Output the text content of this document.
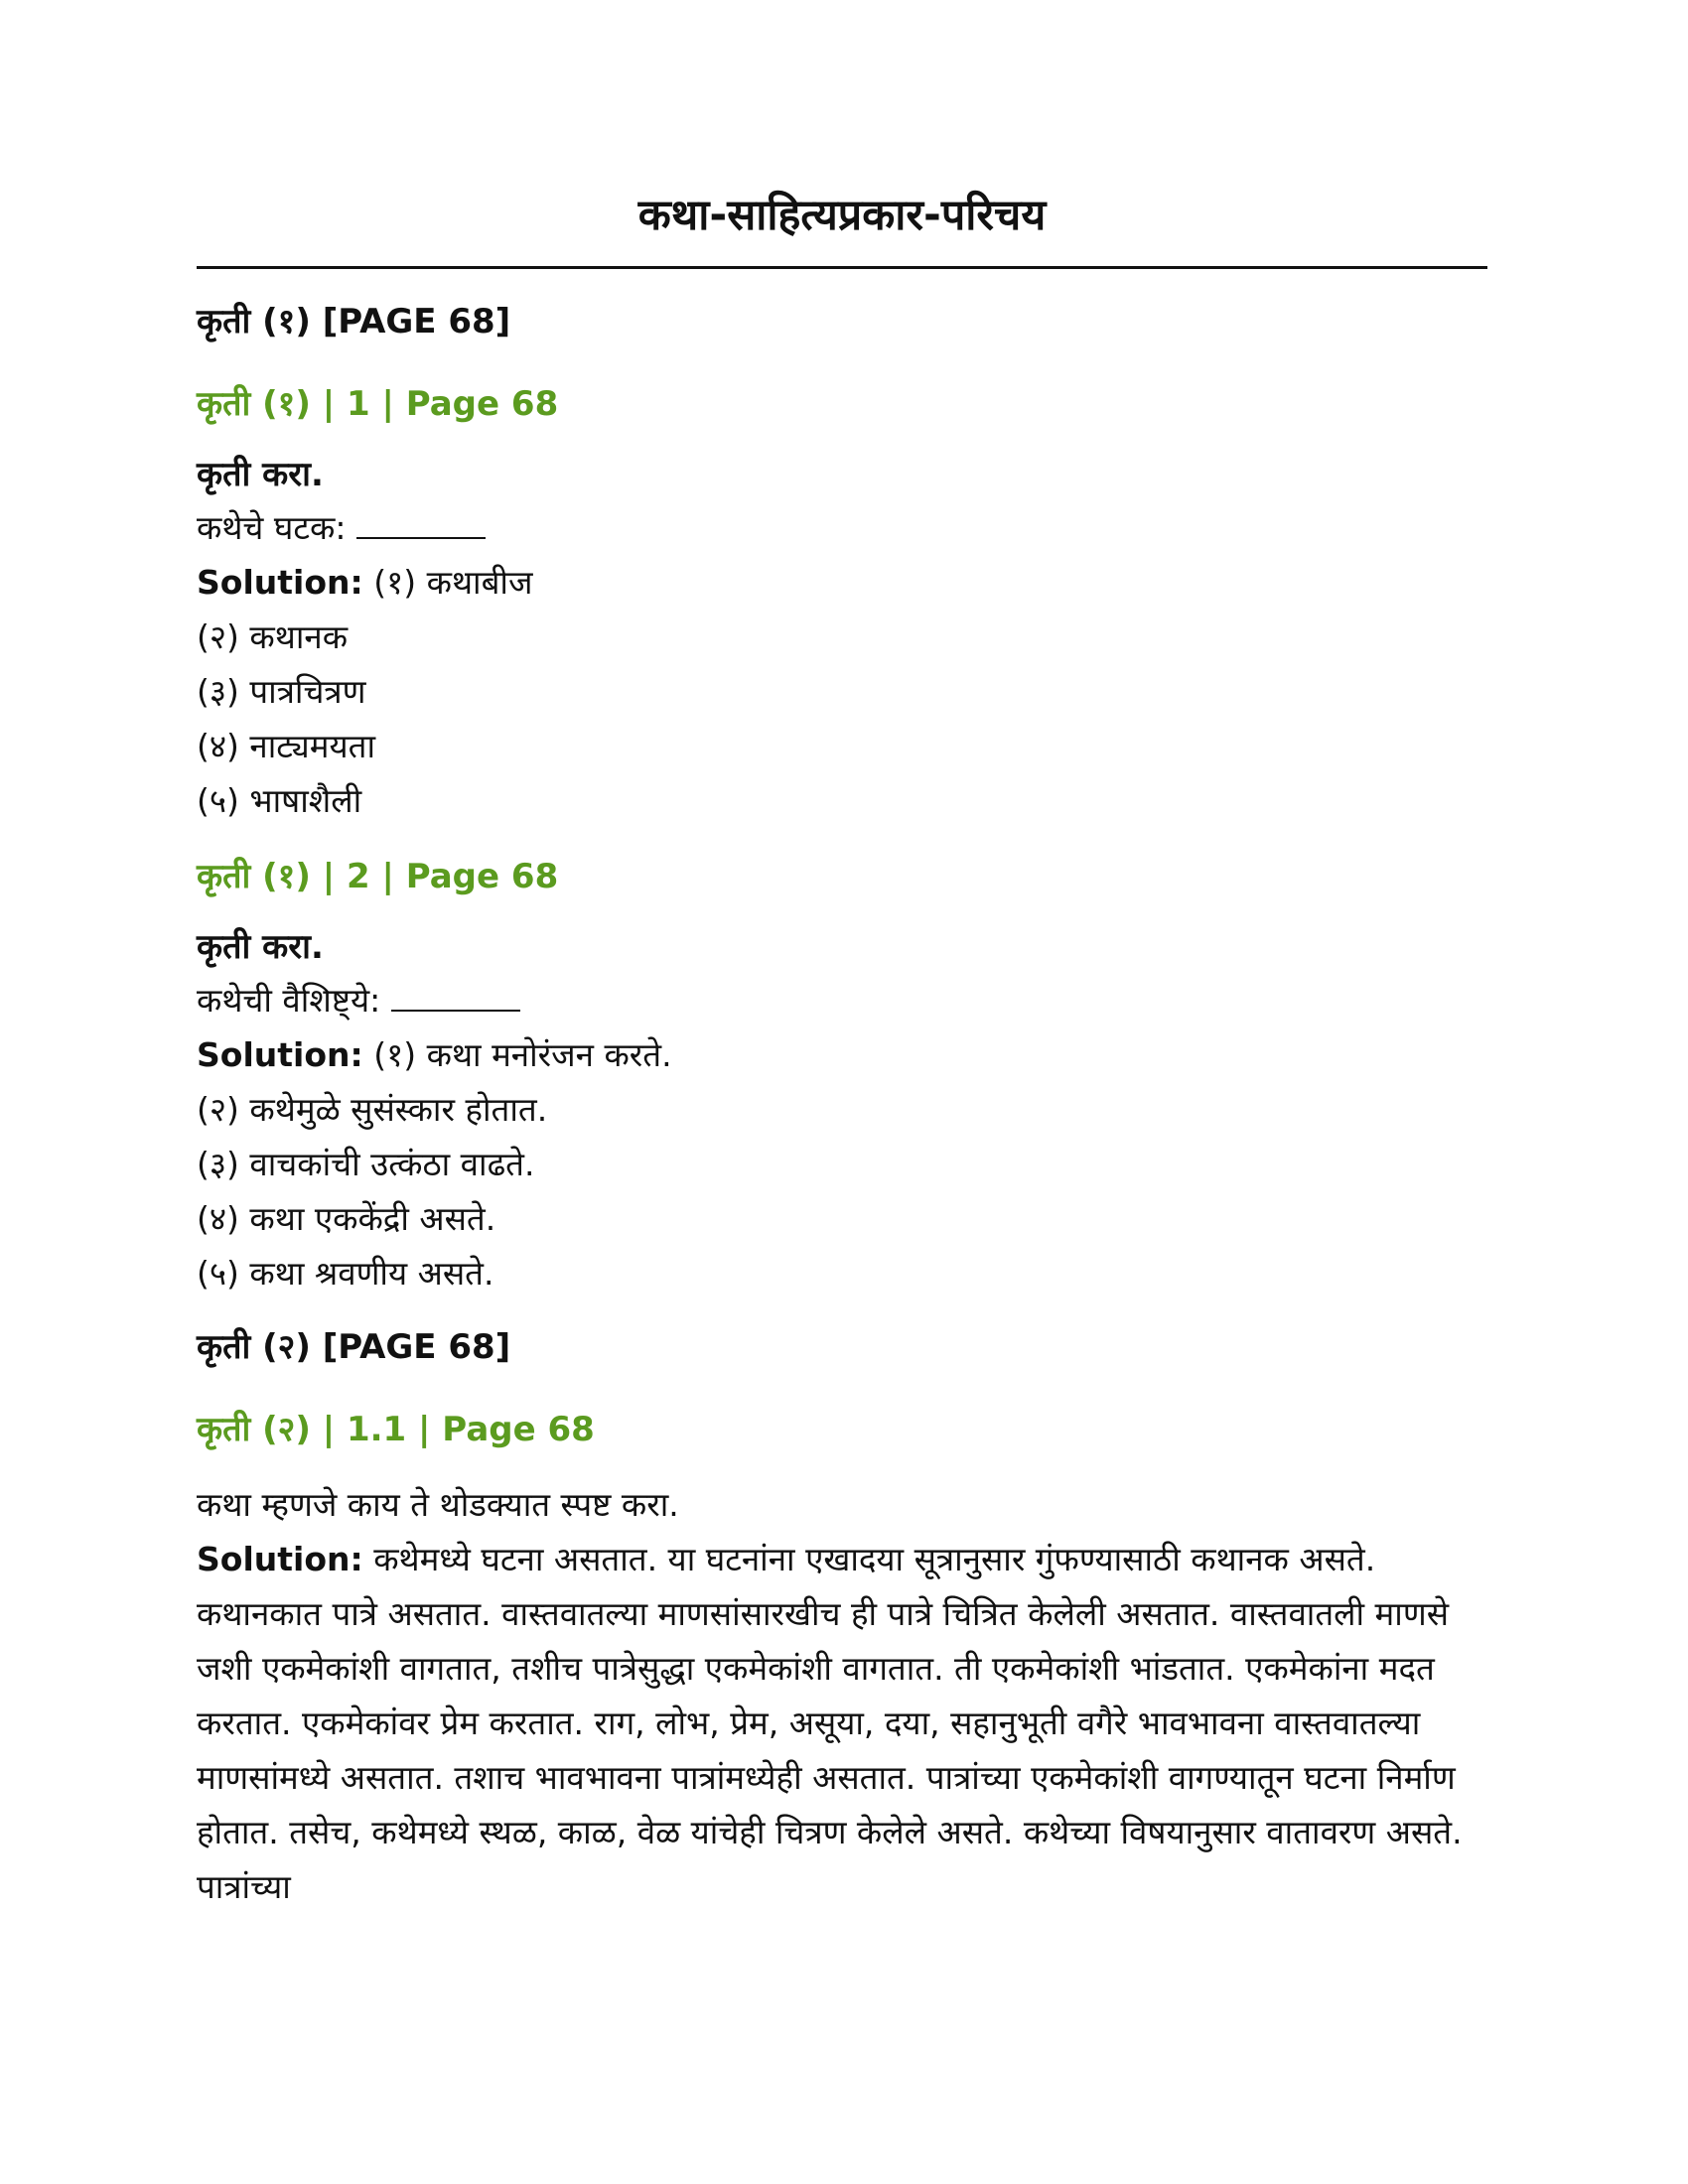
कथा-साहित्यप्रकार-परिचय
कृती (१) [PAGE 68]
कृती (१) | 1 | Page 68
कृती करा.

कथेचे घटक:

Solution: (१) कथाबीज

(२) कथानक

(३) पात्रचित्रण

(४) नाट्यमयता

(५) भाषाशैली

कृती (१) | 2 | Page 68
कृती करा.

कथेची वैशिष्ट्ये:

Solution: (१) कथा मनोरंजन करते.

(२) कथेमुळे सुसंस्कार होतात.

(३) वाचकांची उत्कंठा वाढते.

(४) कथा एककेंद्री असते.

(५) कथा श्रवणीय असते.

कृती (२) [PAGE 68]
कृती (२) | 1.1 | Page 68

कथा म्हणजे काय ते थोडक्यात स्पष्ट करा.

Solution: कथेमध्ये घटना असतात. या घटनांना एखादया सूत्रानुसार गुंफण्यासाठी कथानक असते. कथानकात पात्रे असतात. वास्तवातल्या माणसांसारखीच ही पात्रे चित्रित केलेली असतात. वास्तवातली माणसे जशी एकमेकांशी वागतात, तशीच पात्रेसुद्धा एकमेकांशी वागतात. ती एकमेकांशी भांडतात. एकमेकांना मदत करतात. एकमेकांवर प्रेम करतात. राग, लोभ, प्रेम, असूया, दया, सहानुभूती वगैरे भावभावना वास्तवातल्या माणसांमध्ये असतात. तशाच भावभावना पात्रांमध्येही असतात. पात्रांच्या एकमेकांशी वागण्यातून घटना निर्माण होतात. तसेच, कथेमध्ये स्थळ, काळ, वेळ यांचेही चित्रण केलेले असते. कथेच्या विषयानुसार वातावरण असते. पात्रांच्या
